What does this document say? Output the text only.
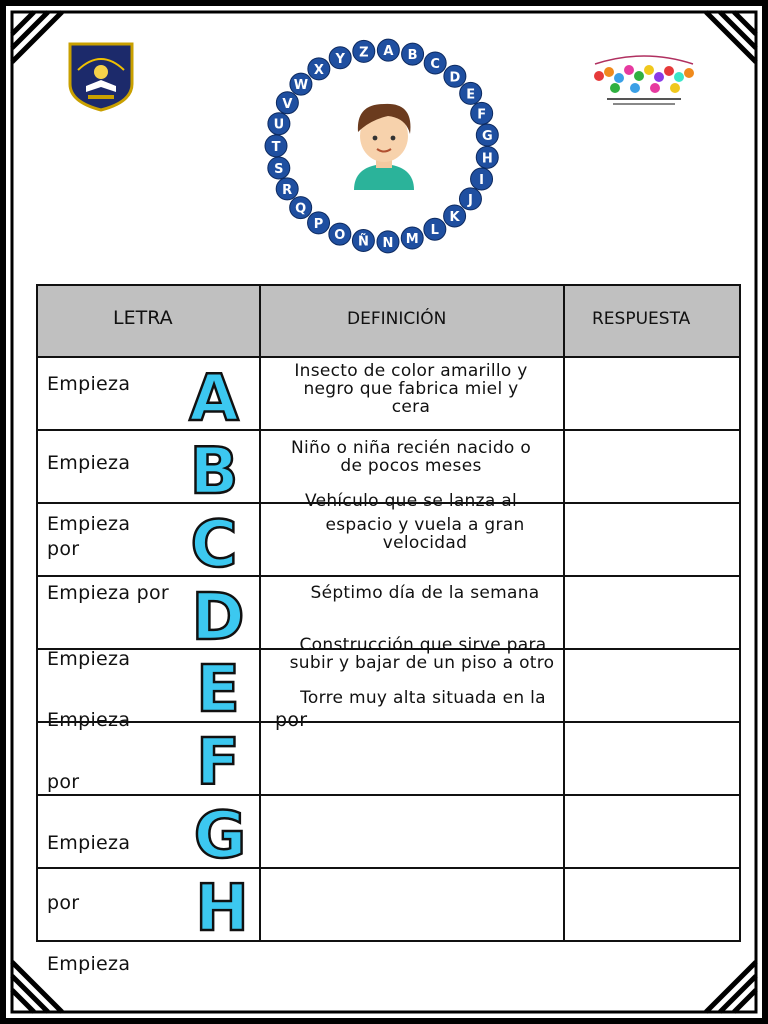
A B
C
D
E
F
G
H
I
J
K
L
M
N
Ñ
O
P
Q
R
S
T
U
V
W
X
Y Z
LETRA	DEFINICIÓN	RESPUESTA
Empieza
Empieza
Empieza
por
Empieza por
Empieza
Empieza
por
Empieza
por
Empieza
A
B
C
D
E
F
G
H
Insecto de color amarillo y
negro que fabrica miel y
cera
Niño o niña recién nacido o
de pocos meses
Vehículo que se lanza al
espacio y vuela a gran
velocidad
Séptimo día de la semana
Construcción que sirve para
subir y bajar de un piso a otro
Torre muy alta situada en la
por
